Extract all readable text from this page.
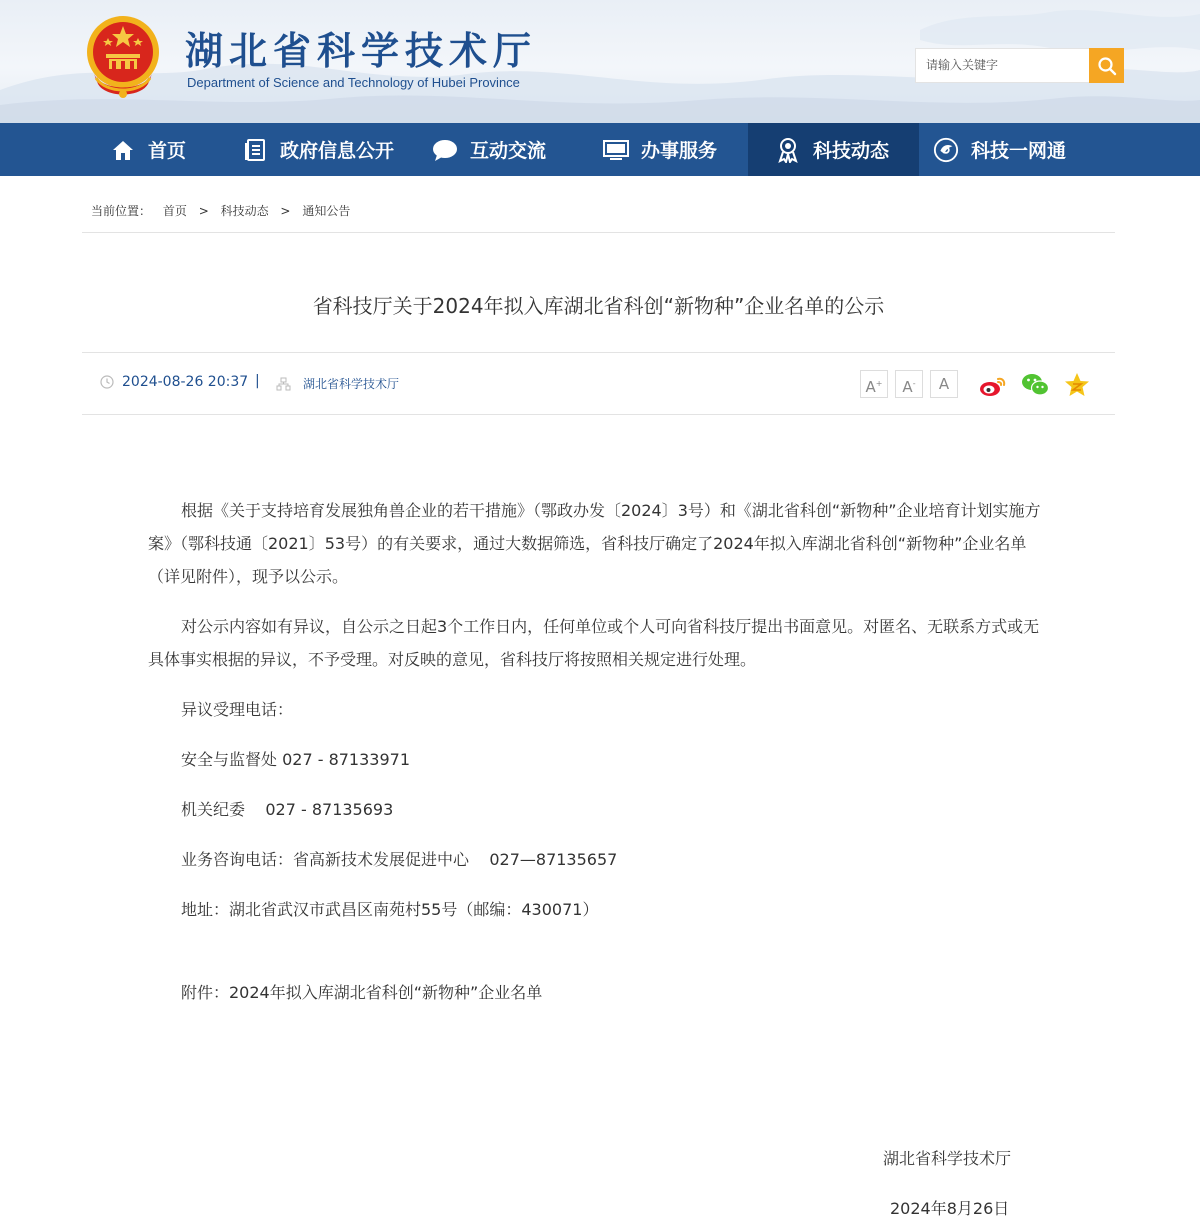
湖北省科学技术厅
Department of Science and Technology of Hubei Province
请输入关键字
首页	政府信息公开	互动交流	办事服务	科技动态	科技一网通
当前位置： 首页 > 科技动态 > 通知公告
省科技厅关于2024年拟入库湖北省科创“新物种”企业名单的公示
2024-08-26 20:37 |	湖北省科学技术厅	A+	A-	A

根据《关于支持培育发展独角兽企业的若干措施》（鄂政办发〔2024〕3号）和《湖北省科创“新物种”企业培育计划实施方案》（鄂科技通〔2021〕53号）的有关要求，通过大数据筛选，省科技厅确定了2024年拟入库湖北省科创“新物种”企业名单（详见附件），现予以公示。

对公示内容如有异议，自公示之日起3个工作日内，任何单位或个人可向省科技厅提出书面意见。对匿名、无联系方式或无具体事实根据的异议，不予受理。对反映的意见，省科技厅将按照相关规定进行处理。

异议受理电话：

安全与监督处 027 - 87133971

机关纪委    027 - 87135693

业务咨询电话：省高新技术发展促进中心    027—87135657

地址：湖北省武汉市武昌区南苑村55号（邮编：430071）

附件：2024年拟入库湖北省科创“新物种”企业名单

湖北省科学技术厅
2024年8月26日
